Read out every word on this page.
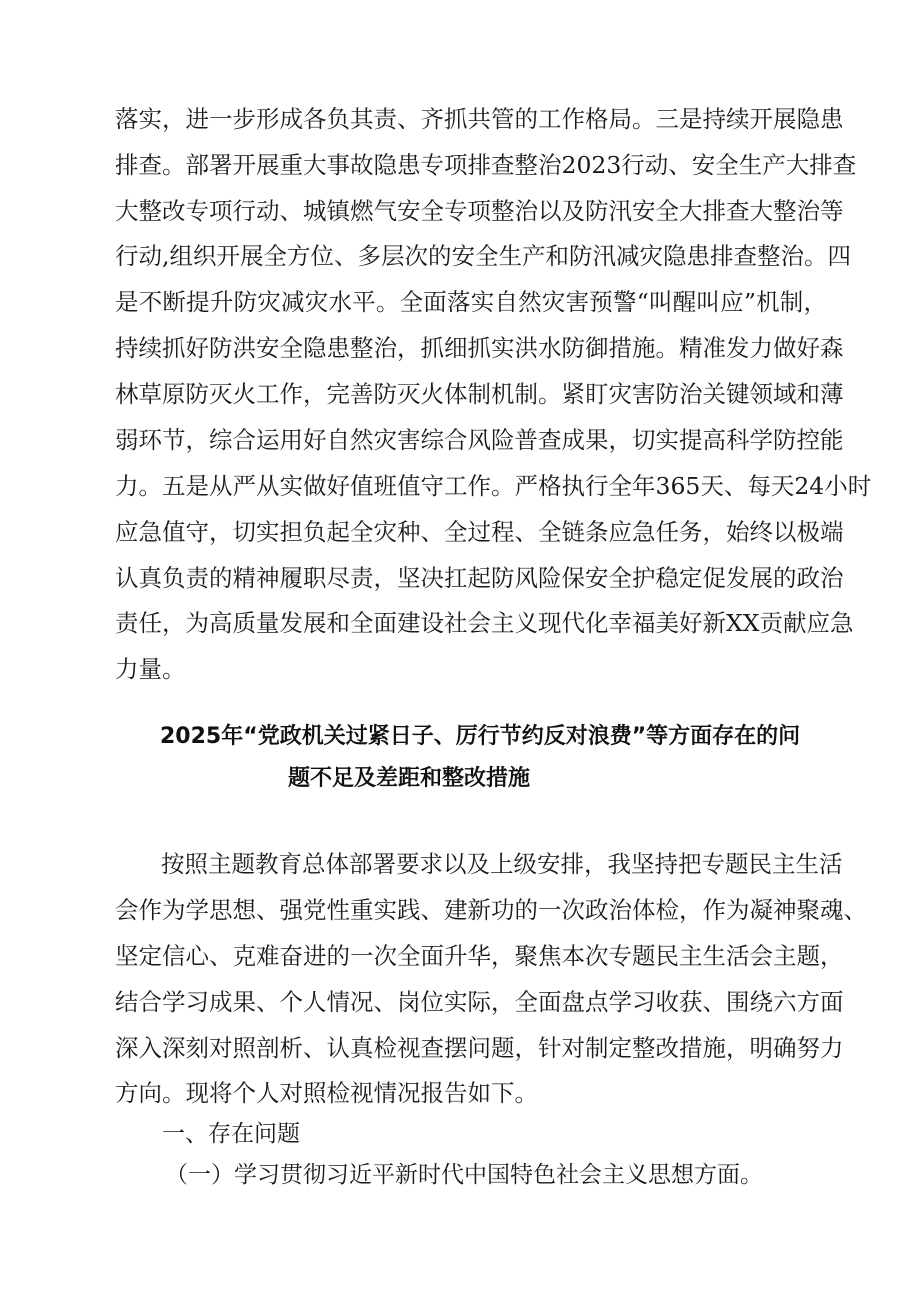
落实，进一步形成各负其责、齐抓共管的工作格局。三是持续开展隐患
排查。部署开展重大事故隐患专项排查整治2023行动、安全生产大排查
大整改专项行动、城镇燃气安全专项整治以及防汛安全大排查大整治等
行动,组织开展全方位、多层次的安全生产和防汛减灾隐患排查整治。四
是不断提升防灾减灾水平。全面落实自然灾害预警“叫醒叫应”机制，
持续抓好防洪安全隐患整治，抓细抓实洪水防御措施。精准发力做好森
林草原防灭火工作，完善防灭火体制机制。紧盯灾害防治关键领域和薄
弱环节，综合运用好自然灾害综合风险普查成果，切实提高科学防控能
力。五是从严从实做好值班值守工作。严格执行全年365天、每天24小时
应急值守，切实担负起全灾种、全过程、全链条应急任务，始终以极端
认真负责的精神履职尽责，坚决扛起防风险保安全护稳定促发展的政治
责任，为高质量发展和全面建设社会主义现代化幸福美好新XX贡献应急
力量。
2025年“党政机关过紧日子、厉行节约反对浪费”等方面存在的问
题不足及差距和整改措施
按照主题教育总体部署要求以及上级安排，我坚持把专题民主生活
会作为学思想、强党性重实践、建新功的一次政治体检，作为凝神聚魂、
坚定信心、克难奋进的一次全面升华，聚焦本次专题民主生活会主题，
结合学习成果、个人情况、岗位实际，全面盘点学习收获、围绕六方面
深入深刻对照剖析、认真检视查摆问题，针对制定整改措施，明确努力
方向。现将个人对照检视情况报告如下。
一、存在问题
（一）学习贯彻习近平新时代中国特色社会主义思想方面。
